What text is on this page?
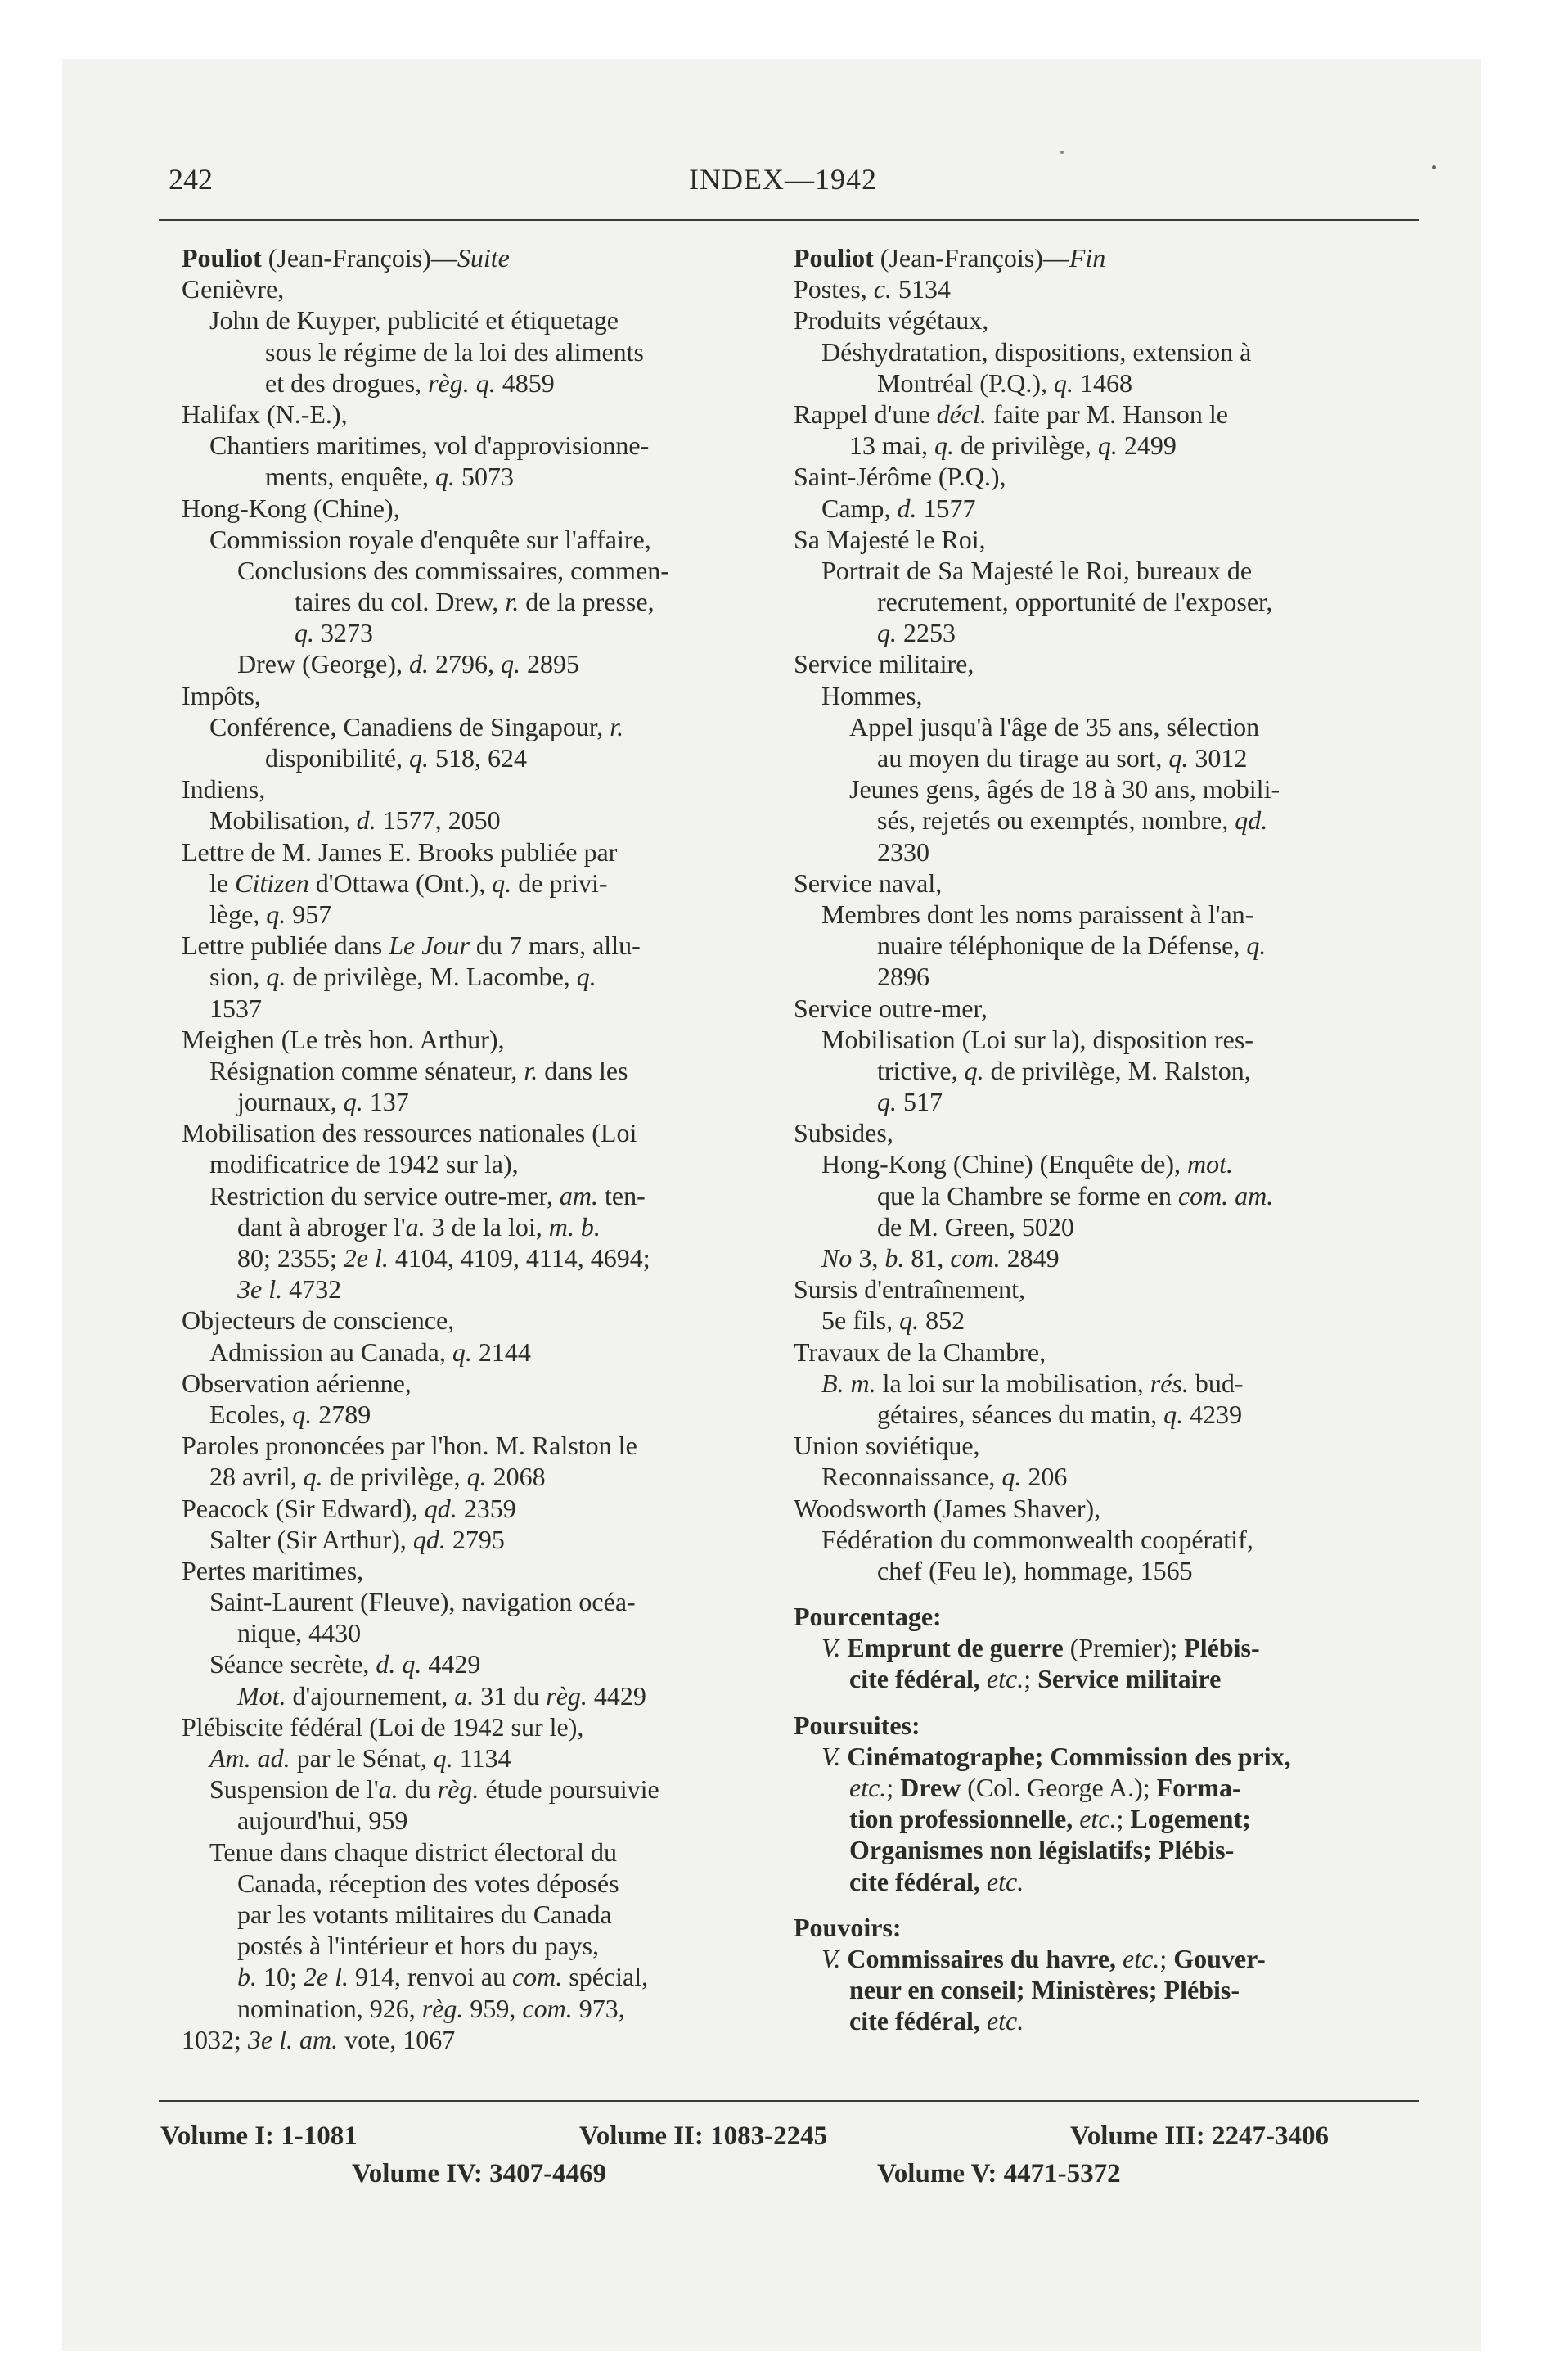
242	INDEX—1942
Pouliot (Jean-François)—Suite
Genièvre,
John de Kuyper, publicité et étiquetage
sous le régime de la loi des aliments
et des drogues, règ. q. 4859
Halifax (N.-E.),
Chantiers maritimes, vol d'approvisionne-
ments, enquête, q. 5073
Hong-Kong (Chine),
Commission royale d'enquête sur l'affaire,
Conclusions des commissaires, commen-
taires du col. Drew, r. de la presse,
q. 3273
Drew (George), d. 2796, q. 2895
Impôts,
Conférence, Canadiens de Singapour, r.
disponibilité, q. 518, 624
Indiens,
Mobilisation, d. 1577, 2050
Lettre de M. James E. Brooks publiée par
le Citizen d'Ottawa (Ont.), q. de privi-
lège, q. 957
Lettre publiée dans Le Jour du 7 mars, allu-
sion, q. de privilège, M. Lacombe, q.
1537
Meighen (Le très hon. Arthur),
Résignation comme sénateur, r. dans les
journaux, q. 137
Mobilisation des ressources nationales (Loi
modificatrice de 1942 sur la),
Restriction du service outre-mer, am. ten-
dant à abroger l'a. 3 de la loi, m. b.
80; 2355; 2e l. 4104, 4109, 4114, 4694;
3e l. 4732
Objecteurs de conscience,
Admission au Canada, q. 2144
Observation aérienne,
Ecoles, q. 2789
Paroles prononcées par l'hon. M. Ralston le
28 avril, q. de privilège, q. 2068
Peacock (Sir Edward), qd. 2359
Salter (Sir Arthur), qd. 2795
Pertes maritimes,
Saint-Laurent (Fleuve), navigation océa-
nique, 4430
Séance secrète, d. q. 4429
Mot. d'ajournement, a. 31 du règ. 4429
Plébiscite fédéral (Loi de 1942 sur le),
Am. ad. par le Sénat, q. 1134
Suspension de l'a. du règ. étude poursuivie
aujourd'hui, 959
Tenue dans chaque district électoral du
Canada, réception des votes déposés
par les votants militaires du Canada
postés à l'intérieur et hors du pays,
b. 10; 2e l. 914, renvoi au com. spécial,
nomination, 926, règ. 959, com. 973,
1032; 3e l. am. vote, 1067
Pouliot (Jean-François)—Fin
Postes, c. 5134
Produits végétaux,
Déshydratation, dispositions, extension à
Montréal (P.Q.), q. 1468
Rappel d'une décl. faite par M. Hanson le
13 mai, q. de privilège, q. 2499
Saint-Jérôme (P.Q.),
Camp, d. 1577
Sa Majesté le Roi,
Portrait de Sa Majesté le Roi, bureaux de
recrutement, opportunité de l'exposer,
q. 2253
Service militaire,
Hommes,
Appel jusqu'à l'âge de 35 ans, sélection
au moyen du tirage au sort, q. 3012
Jeunes gens, âgés de 18 à 30 ans, mobili-
sés, rejetés ou exemptés, nombre, qd.
2330
Service naval,
Membres dont les noms paraissent à l'an-
nuaire téléphonique de la Défense, q.
2896
Service outre-mer,
Mobilisation (Loi sur la), disposition res-
trictive, q. de privilège, M. Ralston,
q. 517
Subsides,
Hong-Kong (Chine) (Enquête de), mot.
que la Chambre se forme en com. am.
de M. Green, 5020
No 3, b. 81, com. 2849
Sursis d'entraînement,
5e fils, q. 852
Travaux de la Chambre,
B. m. la loi sur la mobilisation, rés. bud-
gétaires, séances du matin, q. 4239
Union soviétique,
Reconnaissance, q. 206
Woodsworth (James Shaver),
Fédération du commonwealth coopératif,
chef (Feu le), hommage, 1565
Pourcentage:
V. Emprunt de guerre (Premier); Plébis-
cite fédéral, etc.; Service militaire
Poursuites:
V. Cinématographe; Commission des prix,
etc.; Drew (Col. George A.); Forma-
tion professionnelle, etc.; Logement;
Organismes non législatifs; Plébis-
cite fédéral, etc.
Pouvoirs:
V. Commissaires du havre, etc.; Gouver-
neur en conseil; Ministères; Plébis-
cite fédéral, etc.
Volume I: 1-1081	Volume II: 1083-2245	Volume III: 2247-3406
Volume IV: 3407-4469	Volume V: 4471-5372
